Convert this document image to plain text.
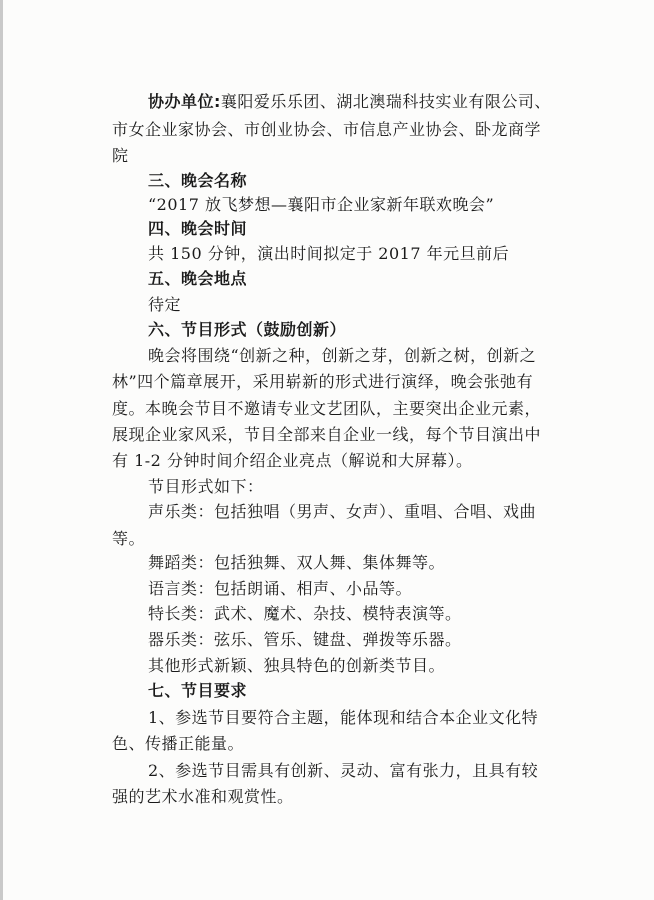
协办单位:襄阳爱乐乐团、湖北澳瑞科技实业有限公司、
市女企业家协会、市创业协会、市信息产业协会、卧龙商学
院
三、晚会名称
“2017 放飞梦想—襄阳市企业家新年联欢晚会”
四、晚会时间
共 150 分钟，演出时间拟定于 2017 年元旦前后
五、晚会地点
待定
六、节目形式（鼓励创新）
晚会将围绕“创新之种，创新之芽，创新之树，创新之
林”四个篇章展开，采用崭新的形式进行演绎，晚会张弛有
度。本晚会节目不邀请专业文艺团队，主要突出企业元素，
展现企业家风采，节目全部来自企业一线，每个节目演出中
有 1-2 分钟时间介绍企业亮点（解说和大屏幕）。
节目形式如下：
声乐类：包括独唱（男声、女声）、重唱、合唱、戏曲
等。
舞蹈类：包括独舞、双人舞、集体舞等。
语言类：包括朗诵、相声、小品等。
特长类：武术、魔术、杂技、模特表演等。
器乐类：弦乐、管乐、键盘、弹拨等乐器。
其他形式新颖、独具特色的创新类节目。
七、节目要求
1、参选节目要符合主题，能体现和结合本企业文化特
色、传播正能量。
2、参选节目需具有创新、灵动、富有张力，且具有较
强的艺术水准和观赏性。
